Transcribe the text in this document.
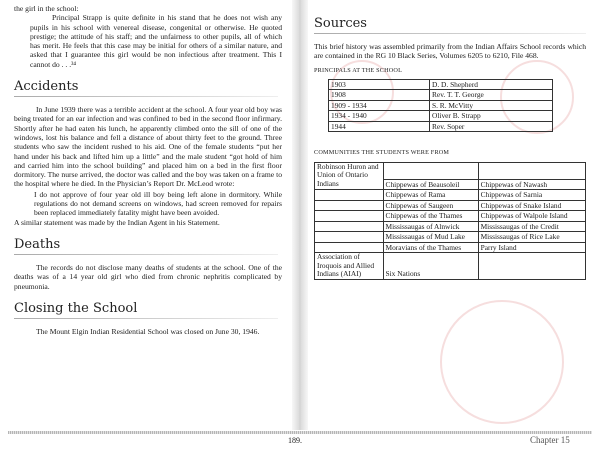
the girl in the school:

Principal Strapp is quite definite in his stand that he does not wish any pupils in his school with venereal disease, congenital or otherwise. He quoted prestige; the attitude of his staff; and the unfairness to other pupils, all of which has merit. He feels that this case may be initial for others of a similar nature, and asked that I guarantee this girl would be non infectious after treatment. This I cannot do . . .³⁴

Accidents

In June 1939 there was a terrible accident at the school. A four year old boy was being treated for an ear infection and was confined to bed in the second floor infirmary. Shortly after he had eaten his lunch, he apparently climbed onto the sill of one of the windows, lost his balance and fell a distance of about thirty feet to the ground. Three students who saw the incident rushed to his aid. One of the female students “put her hand under his back and lifted him up a little” and the male student “got hold of him and carried him into the school building” and placed him on a bed in the first floor dormitory. The nurse arrived, the doctor was called and the boy was taken on a frame to the hospital where he died. In the Physician’s Report Dr. McLeod wrote:

I do not approve of four year old ill boy being left alone in dormitory. While regulations do not demand screens on windows, had screen removed for repairs been replaced immediately fatality might have been avoided.

A similar statement was made by the Indian Agent in his Statement.

Deaths

The records do not disclose many deaths of students at the school. One of the deaths was of a 14 year old girl who died from chronic nephritis complicated by pneumonia.

Closing the School

The Mount Elgin Indian Residential School was closed on June 30, 1946.

Sources

This brief history was assembled primarily from the Indian Affairs School records which are contained in the RG 10 Black Series, Volumes 6205 to 6210, File 468.

PRINCIPALS AT THE SCHOOL
1903	D. D. Shepherd
1908	Rev. T. T. George
1909 - 1934	S. R. McVitty
1934 - 1940	Oliver B. Strapp
1944	Rev. Soper
COMMUNITIES THE STUDENTS WERE FROM
Robinson Huron and Union of Ontario Indians		

	Chippewas of Beausoleil	Chippewas of Nawash
	Chippewas of Rama	Chippewas of Sarnia
	Chippewas of Saugeen	Chippewas of Snake Island
	Chippewas of the Thames	Chippewas of Walpole Island
	Mississaugas of Alnwick	Mississaugas of the Credit
	Mississaugas of Mud Lake	Mississaugas of Rice Lake
	Moravians of the Thames	Parry Island
Association of Iroquois and Allied Indians (AIAI)	Six Nations	
189.	Chapter 15
